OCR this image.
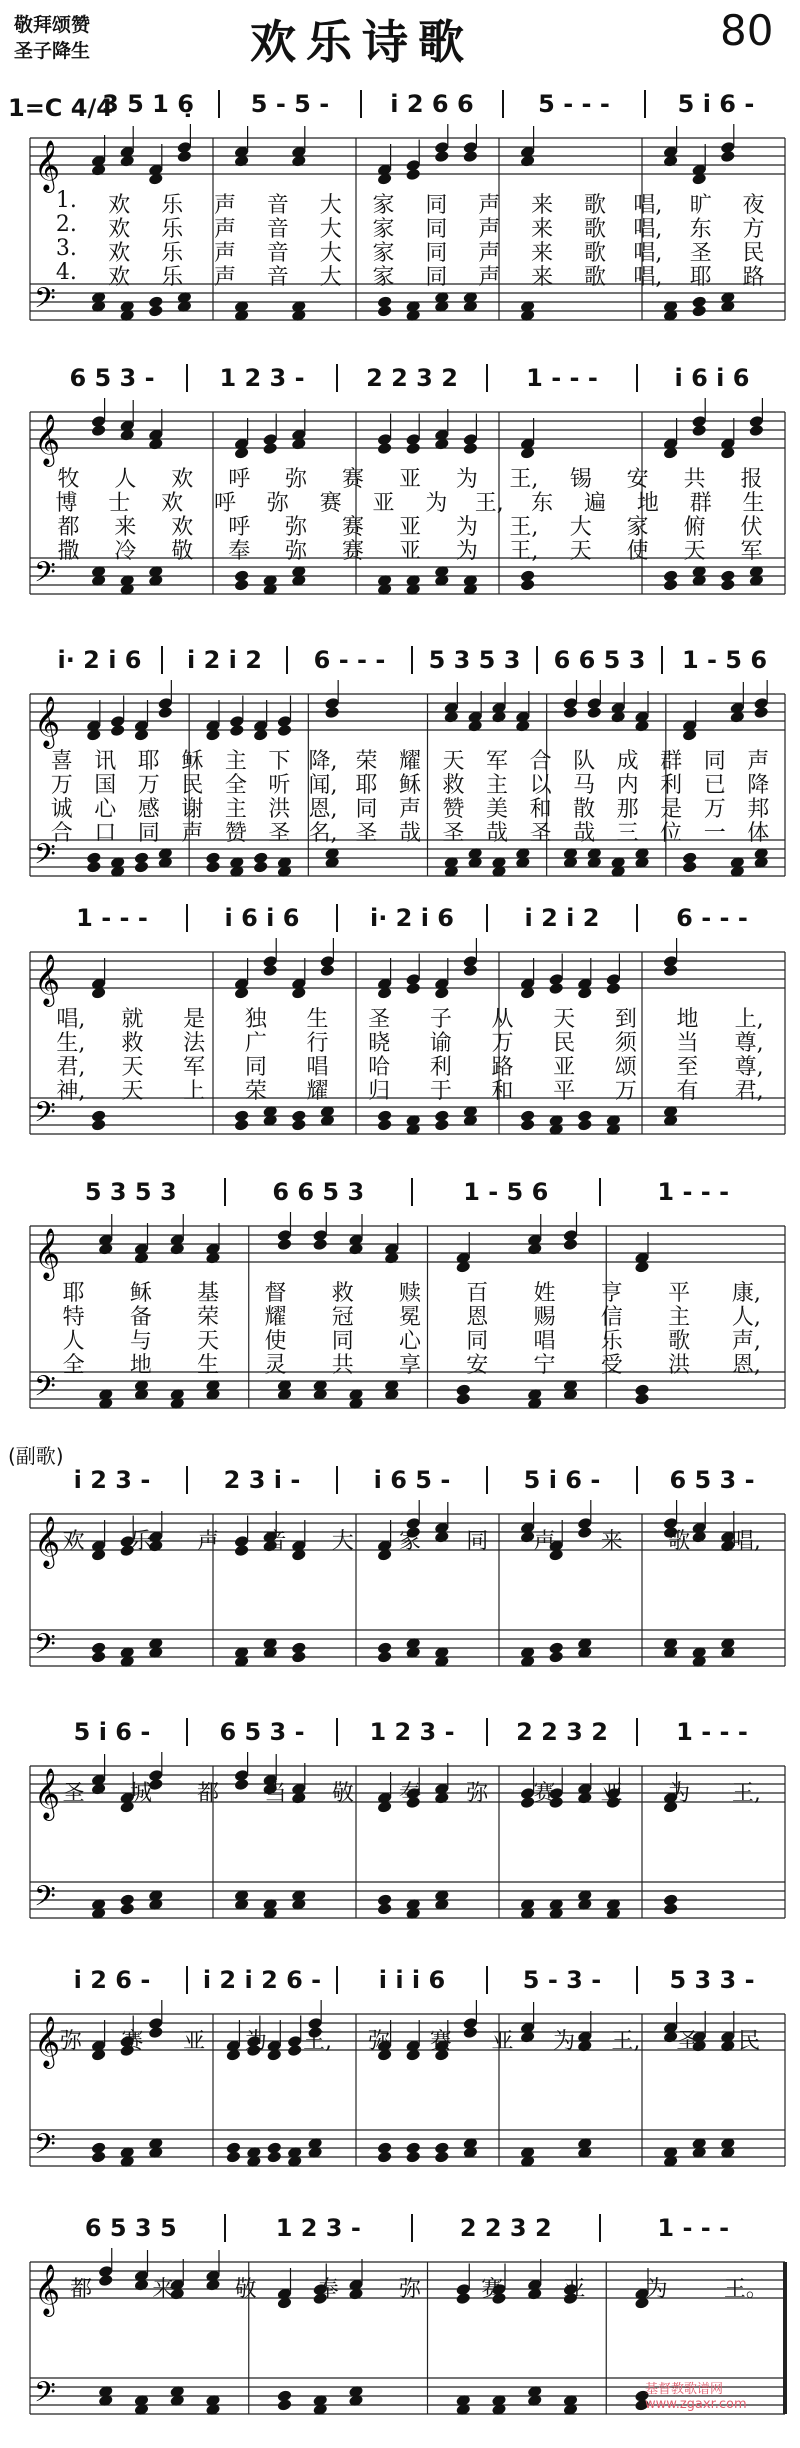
敬拜颂赞
圣子降生	欢乐诗歌	80
1=C 4/4
3 5 1 6̣	5 - 5 -	i 2 6 6	5 - - -	5 i 6 -
𝄞
𝄢
1. 欢 乐 声 音 大 家 同 声 来 歌 唱, 旷 夜
2. 欢 乐 声 音 大 家 同 声 来 歌 唱, 东 方
3. 欢 乐 声 音 大 家 同 声 来 歌 唱, 圣 民
4. 欢 乐 声 音 大 家 同 声 来 歌 唱, 耶 路
6 5 3 -	1 2 3 -	2 2 3 2	1 - - -	i 6 i 6
𝄞
𝄢
牧 人 欢 呼 弥 赛 亚 为 王, 锡 安 共 报
博 士 欢 呼 弥 赛 亚 为 王, 东 遍 地 群 生
都 来 欢 呼 弥 赛 亚 为 王, 大 家 俯 伏
撒 冷 敬 奉 弥 赛 亚 为 王, 天 使 天 军
i· 2 i 6	i 2 i 2	6 - - -	5 3 5 3	6 6 5 3	1 - 5 6
𝄞
𝄢
喜 讯 耶 稣 主 下 降, 荣 耀 天 军 合 队 成 群 同 声
万 国 万 民 全 听 闻, 耶 稣 救 主 以 马 内 利 已 降
诚 心 感 谢 主 洪 恩, 同 声 赞 美 和 散 那 是 万 邦
合 口 同 声 赞 圣 名, 圣 哉 圣 哉 圣 哉 三 位 一 体
1 - - -	i 6 i 6	i· 2 i 6	i 2 i 2	6 - - -
𝄞
𝄢
唱, 就 是 独 生 圣 子 从 天 到 地 上,
生, 救 法 广 行 晓 谕 万 民 须 当 尊,
君, 天 军 同 唱 哈 利 路 亚 颂 至 尊,
神, 天 上 荣 耀 归 于 和 平 万 有 君,
5 3 5 3	6 6 5 3	1 - 5 6	1 - - -
𝄞
𝄢
耶 稣 基 督 救 赎 百 姓 亨 平 康,
特 备 荣 耀 冠 冕 恩 赐 信 主 人,
人 与 天 使 同 心 同 唱 乐 歌 声,
全 地 生 灵 共 享 安 宁 受 洪 恩,
i 2 3 -	2 3 i -	i 6 5 -	5 i 6 -	6 5 3 -
𝄞
𝄢
欢 乐 声 音 大 家 同 声 来 歌 唱,
5 i 6 -	6 5 3 -	1 2 3 -	2 2 3 2	1 - - -
𝄞
𝄢
圣 城 都 当 敬 奉 弥 赛 亚 为 王,
i 2 6 -	i 2 i 2 6 -	i i i 6	5 - 3 -	5 3 3 -
𝄞
𝄢
弥 赛 亚 为 王, 弥 赛 亚 为 王, 圣 民
6 5 3 5	1 2 3 -	2 2 3 2	1 - - -
𝄞
𝄢
都	来	敬	奉	弥	赛	亚	为	王。
基督教歌谱网 www.zgaxr.com
(副歌)
